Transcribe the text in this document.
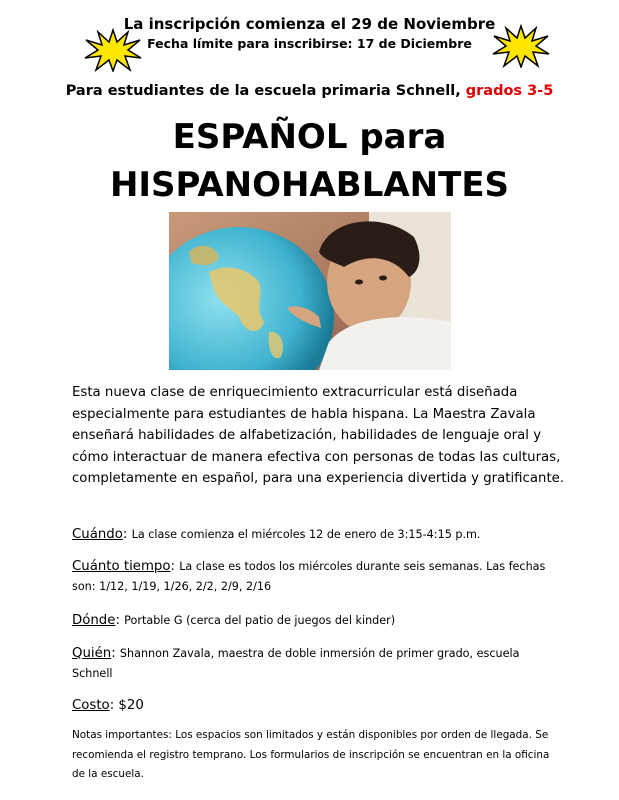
La inscripción comienza el 29 de Noviembre
Fecha límite para inscribirse: 17 de Diciembre
Para estudiantes de la escuela primaria Schnell, grados 3-5
ESPAÑOL para
HISPANOHABLANTES
Esta nueva clase de enriquecimiento extracurricular está diseñada especialmente para estudiantes de habla hispana. La Maestra Zavala enseñará habilidades de alfabetización, habilidades de lenguaje oral y cómo interactuar de manera efectiva con personas de todas las culturas, completamente en español, para una experiencia divertida y gratificante.
Cuándo: La clase comienza el miércoles 12 de enero de 3:15-4:15 p.m.
Cuánto tiempo: La clase es todos los miércoles durante seis semanas. Las fechas son: 1/12, 1/19, 1/26, 2/2, 2/9, 2/16
Dónde: Portable G (cerca del patio de juegos del kinder)
Quién: Shannon Zavala, maestra de doble inmersión de primer grado, escuela Schnell
Costo: $20
Notas importantes: Los espacios son limitados y están disponibles por orden de llegada. Se recomienda el registro temprano. Los formularios de inscripción se encuentran en la oficina de la escuela.
